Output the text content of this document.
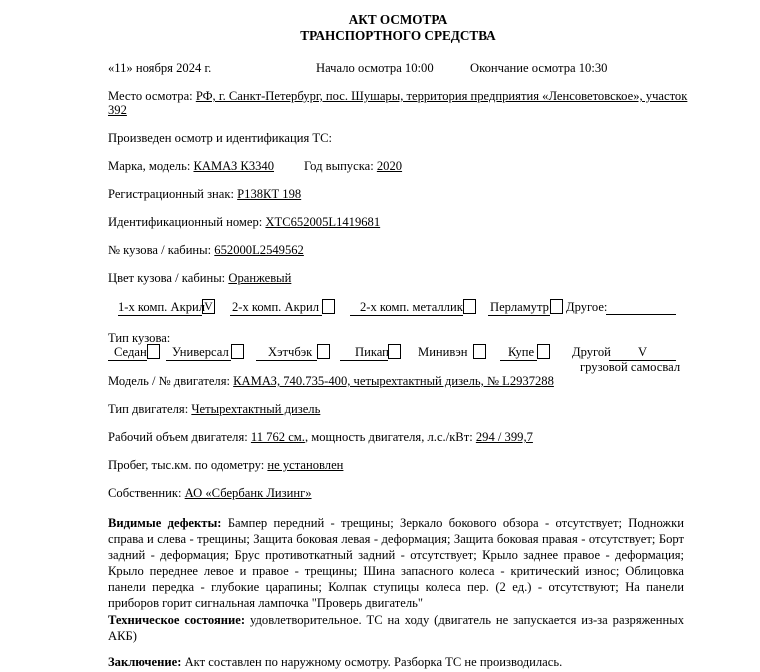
АКТ ОСМОТРА
ТРАНСПОРТНОГО СРЕДСТВА
«11» ноября 2024 г.	Начало осмотра 10:00	Окончание осмотра 10:30
Место осмотра: РФ, г. Санкт-Петербург, пос. Шушары, территория предприятия «Ленсоветовское», участок
392
Произведен осмотр и идентификация ТС:
Марка, модель: КАМАЗ К3340 Год выпуска: 2020
Регистрационный знак: Р138КТ 198
Идентификационный номер: XTC652005L1419681
№ кузова / кабины: 652000L2549562
Цвет кузова / кабины: Оранжевый
1-х комп. Акрил V 2-х комп. Акрил	2-х комп. металлик Перламутр Другое:
Тип кузова:
Седан Универсал	Хэтчбэк	Пикап Минивэн	Купе	Другой V
грузовой самосвал
Модель / № двигателя: КАМАЗ, 740.735-400, четырехтактный дизель, № L2937288
Тип двигателя: Четырехтактный дизель
Рабочий объем двигателя: 11 762 см., мощность двигателя, л.с./кВт: 294 / 399,7
Пробег, тыс.км. по одометру: не установлен
Собственник: АО «Сбербанк Лизинг»
Видимые дефекты: Бампер передний - трещины; Зеркало бокового обзора - отсутствует; Подножки справа и слева - трещины; Защита боковая левая - деформация; Защита боковая правая - отсутствует; Борт задний - деформация; Брус противоткатный задний - отсутствует; Крыло заднее правое - деформация; Крыло переднее левое и правое - трещины; Шина запасного колеса - критический износ; Облицовка панели передка - глубокие царапины; Колпак ступицы колеса пер. (2 ед.) - отсутствуют; На панели приборов горит сигнальная лампочка "Проверь двигатель"
Техническое состояние: удовлетворительное. ТС на ходу (двигатель не запускается из-за разряженных АКБ)
Заключение: Акт составлен по наружному осмотру. Разборка ТС не производилась.
